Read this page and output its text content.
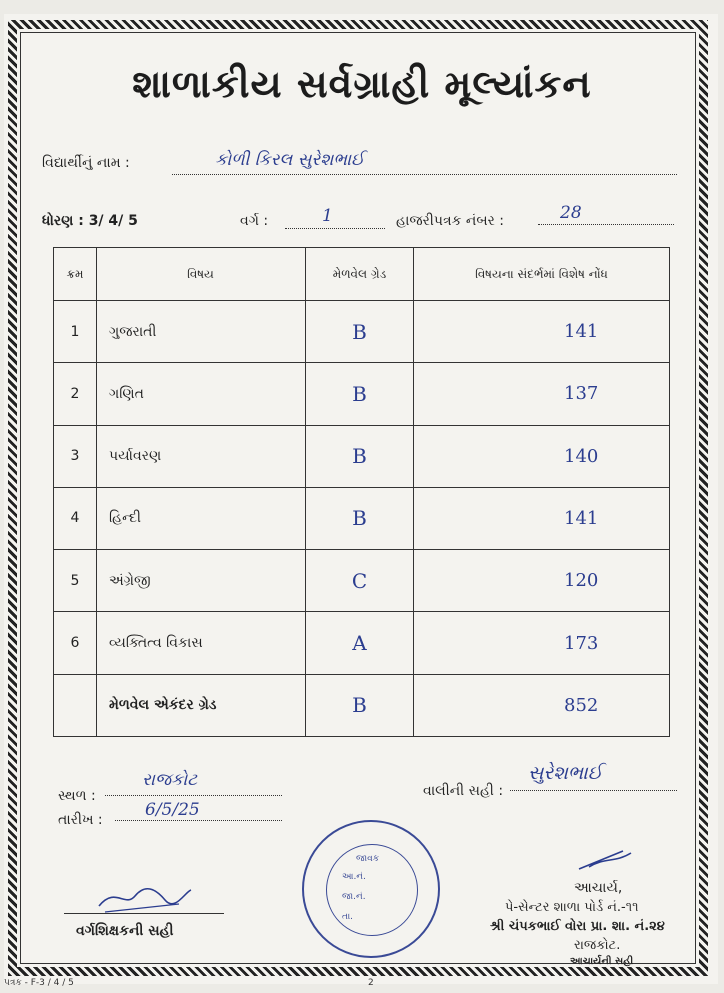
શાળાકીય સર્વગ્રાહી મૂલ્યાંકન
વિદ્યાર્થીનું નામ :	કોળી કિરલ સુરેશભાઈ
ધોરણ : 3/ 4/ 5	વર્ગ :	1	હાજરીપત્રક નંબર :	28
ક્રમ	વિષય	મેળવેલ ગ્રેડ	વિષયના સંદર્ભમાં વિશેષ નોંધ
1	ગુજરાતી	B	141
2	ગણિત	B	137
3	પર્યાવરણ	B	140
4	હિન્દી	B	141
5	અંગ્રેજી	C	120
6	વ્યક્તિત્વ વિકાસ	A	173
	મેળવેલ એકંદર ગ્રેડ	B	852
સ્થળ :
રાજકોટ
તારીખ : 6/5/25
વાલીની સહી :
સુરેશભાઈ
વર્ગશિક્ષકની સહી
જાવક
આ.નં.
જા.નં.
તા.
આચાર્ય,
પે-સેન્ટર શાળા પોર્ડ નં.-૧૧
શ્રી ચંપકભાઈ વોરા પ્રા. શા. નં.૨૪
રાજકોટ.
આચાર્યની સહી
પત્રક - F-3 / 4 / 5	2
